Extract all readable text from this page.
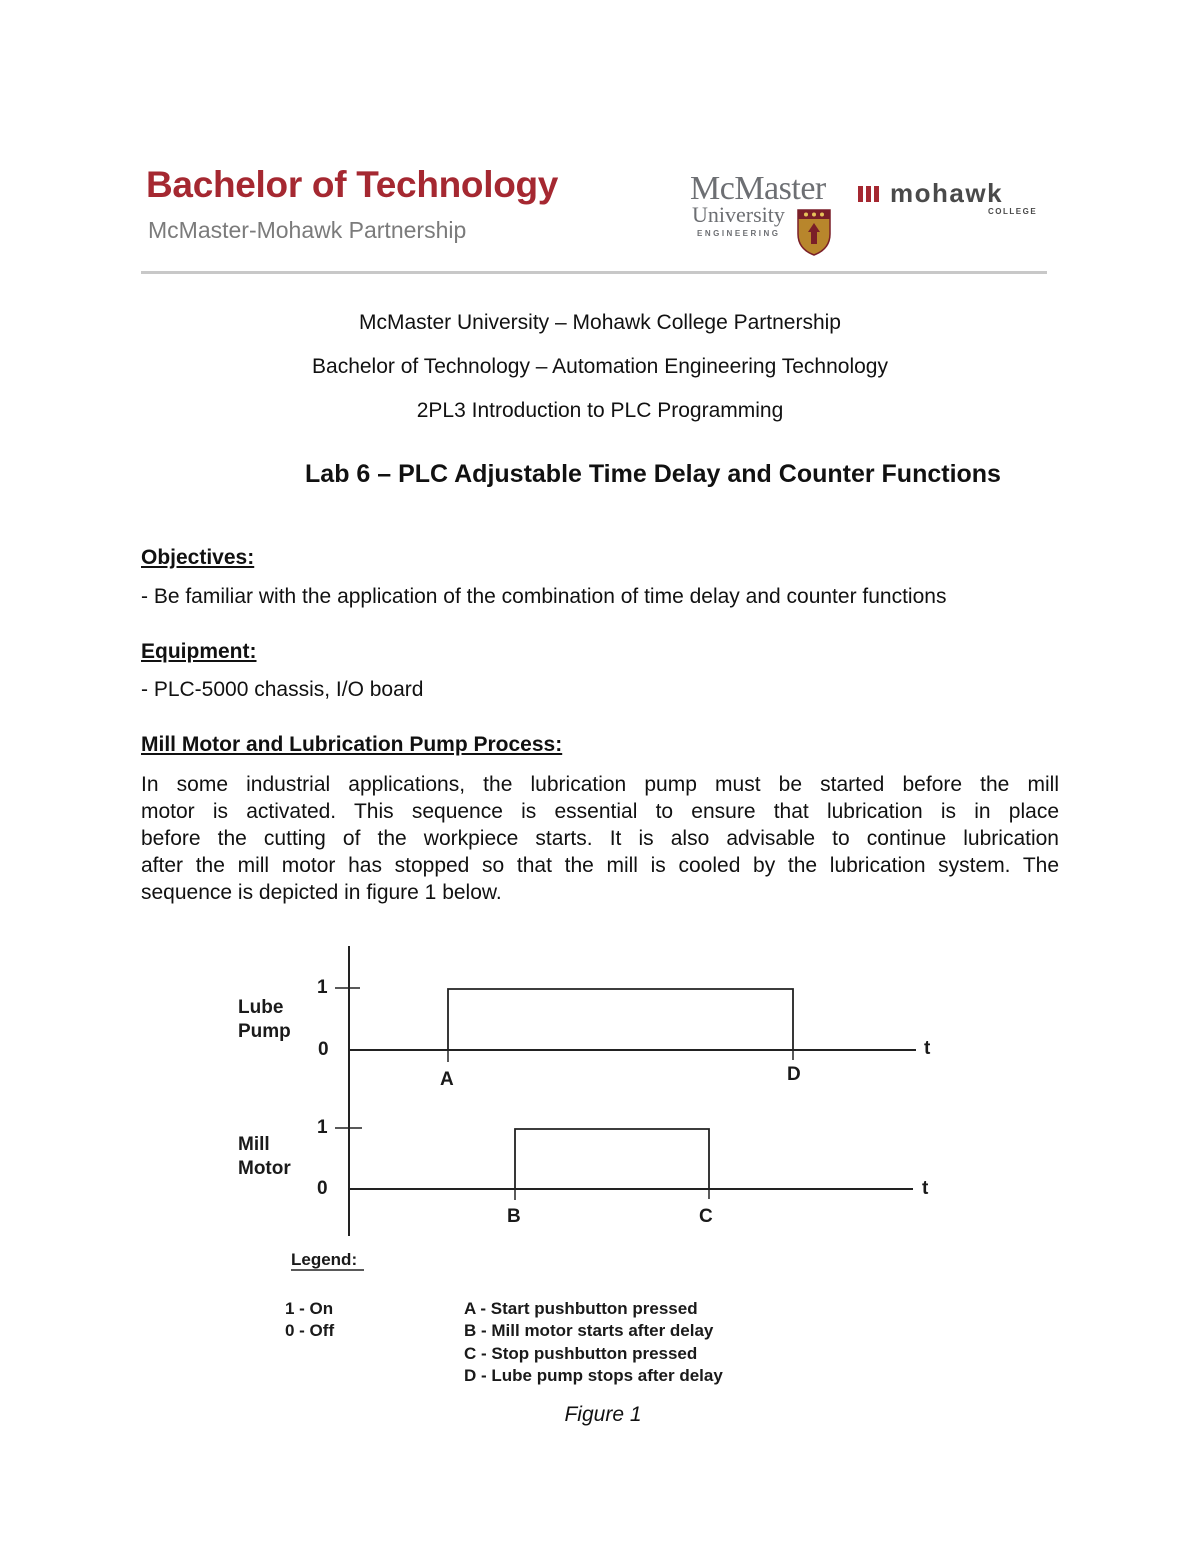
Bachelor of Technology
McMaster-Mohawk Partnership
McMaster
University
ENGINEERING
mohawk
COLLEGE
McMaster University – Mohawk College Partnership
Bachelor of Technology – Automation Engineering Technology
2PL3 Introduction to PLC Programming
Lab 6 – PLC Adjustable Time Delay and Counter Functions
Objectives:
- Be familiar with the application of the combination of time delay and counter functions
Equipment:
- PLC-5000 chassis, I/O board
Mill Motor and Lubrication Pump Process:
In some industrial applications, the lubrication pump must be started before the mill
motor is activated. This sequence is essential to ensure that lubrication is in place
before the cutting of the workpiece starts. It is also advisable to continue lubrication
after the mill motor has stopped so that the mill is cooled by the lubrication system. The
sequence is depicted in figure 1 below.
Lube
Pump
1
0	t
A	D
Mill
Motor
1
0	t
B	C
Legend:
1 - On
0 - Off
A - Start pushbutton pressed
B - Mill motor starts after delay
C - Stop pushbutton pressed
D - Lube pump stops after delay
Figure 1
